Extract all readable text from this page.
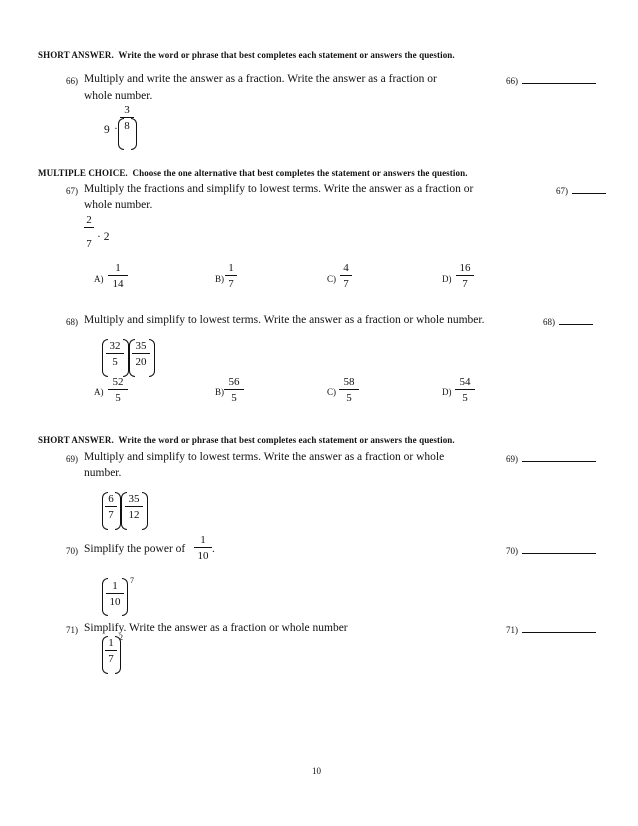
SHORT ANSWER. Write the word or phrase that best completes each statement or answers the question.
66) Multiply and write the answer as a fraction. Write the answer as a fraction or
whole number.
66)
9 ·
3
8
MULTIPLE CHOICE. Choose the one alternative that best completes the statement or answers the question.
67) Multiply the fractions and simplify to lowest terms. Write the answer as a fraction or
whole number.
67)
2
7
· 2
A)
1
14	B)
1
7	C)
4
7	D)
16
7
68) Multiply and simplify to lowest terms. Write the answer as a fraction or whole number.	68)
32
5
35
20
A)
52
5	B)
56
5	C)
58
5	D)
54
5
SHORT ANSWER. Write the word or phrase that best completes each statement or answers the question.
69) Multiply and simplify to lowest terms. Write the answer as a fraction or whole
number.
69)
6
7
35
12
70) Simplify the power of
1
10
.	70)
1
10
7
71) Simplify. Write the answer as a fraction or whole number	71)
1
7
2
10
